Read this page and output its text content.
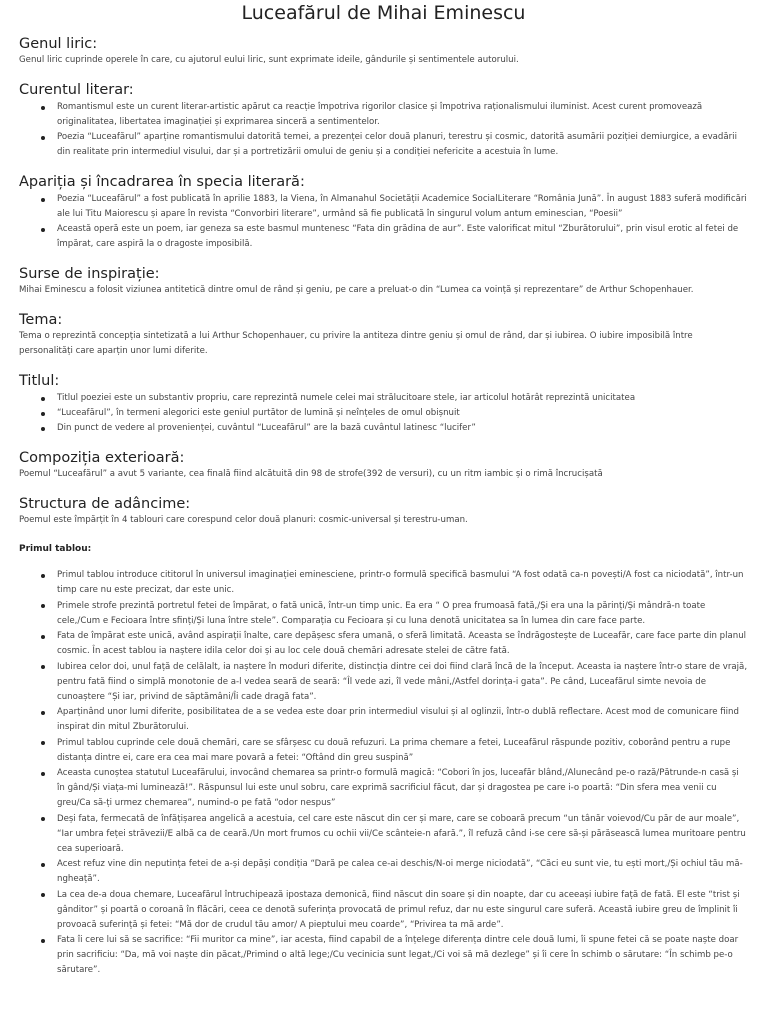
Luceafărul de Mihai Eminescu
Genul liric:

Genul liric cuprinde operele în care, cu ajutorul eului liric, sunt exprimate ideile, gândurile și sentimentele autorului.

Curentul literar:
Romantismul este un curent literar-artistic apărut ca reacție împotriva rigorilor clasice și împotriva raționalismului iluminist. Acest curent promovează originalitatea, libertatea imaginației și exprimarea sinceră a sentimentelor.
Poezia “Luceafărul” aparține romantismului datorită temei, a prezenței celor două planuri, terestru și cosmic, datorită asumării poziției demiurgice, a evadării din realitate prin intermediul visului, dar și a portretizării omului de geniu și a condiției nefericite a acestuia în lume.
Apariția și încadrarea în specia literară:
Poezia “Luceafărul” a fost publicată în aprilie 1883, la Viena, în Almanahul Societății Academice SocialLiterare “România Jună”. În august 1883 suferă modificări ale lui Titu Maiorescu și apare în revista “Convorbiri literare”, urmând să fie publicată în singurul volum antum eminescian, “Poesii”
Această operă este un poem, iar geneza sa este basmul muntenesc “Fata din grădina de aur”. Este valorificat mitul “Zburătorului”, prin visul erotic al fetei de împărat, care aspiră la o dragoste imposibilă.
Surse de inspirație:

Mihai Eminescu a folosit viziunea antitetică dintre omul de rând și geniu, pe care a preluat-o din “Lumea ca voință și reprezentare” de Arthur Schopenhauer.

Tema:

Tema o reprezintă concepția sintetizată a lui Arthur Schopenhauer, cu privire la antiteza dintre geniu și omul de rând, dar și iubirea. O iubire imposibilă între personalități care aparțin unor lumi diferite.

Titlul:
Titlul poeziei este un substantiv propriu, care reprezintă numele celei mai strălucitoare stele, iar articolul hotărât reprezintă unicitatea
“Luceafărul”, în termeni alegorici este geniul purtător de lumină și neînțeles de omul obișnuit
Din punct de vedere al provenienței, cuvântul “Luceafărul” are la bază cuvântul latinesc “lucifer”
Compoziția exterioară:

Poemul “Luceafărul” a avut 5 variante, cea finală fiind alcătuită din 98 de strofe(392 de versuri), cu un ritm iambic și o rimă încrucișată

Structura de adâncime:

Poemul este împărțit în 4 tablouri care corespund celor două planuri: cosmic-universal și terestru-uman.

Primul tablou:
Primul tablou introduce cititorul în universul imaginației eminesciene, printr-o formulă specifică basmului “A fost odată ca-n povești/A fost ca niciodată”, într-un timp care nu este precizat, dar este unic.
Primele strofe prezintă portretul fetei de împărat, o fată unică, într-un timp unic. Ea era “ O prea frumoasă fată,/Și era una la părinți/Și mândră-n toate cele,/Cum e Fecioara între sfinți/Și luna între stele”. Comparația cu Fecioara și cu luna denotă unicitatea sa în lumea din care face parte.
Fata de împărat este unică, având aspirații înalte, care depășesc sfera umană, o sferă limitată. Aceasta se îndrăgostește de Luceafăr, care face parte din planul cosmic. În acest tablou ia naștere idila celor doi și au loc cele două chemări adresate stelei de către fată.
Iubirea celor doi, unul față de celălalt, ia naștere în moduri diferite, distincția dintre cei doi fiind clară încă de la început. Aceasta ia naștere într-o stare de vrajă, pentru fată fiind o simplă monotonie de a-l vedea seară de seară: “Îl vede azi, îl vede mâni,/Astfel dorința-i gata”. Pe când, Luceafărul simte nevoia de cunoaștere “Și iar, privind de săptămâni/Îi cade dragă fata”.
Aparținând unor lumi diferite, posibilitatea de a se vedea este doar prin intermediul visului și al oglinzii, într-o dublă reflectare. Acest mod de comunicare fiind inspirat din mitul Zburătorului.
Primul tablou cuprinde cele două chemări, care se sfârșesc cu două refuzuri. La prima chemare a fetei, Luceafărul răspunde pozitiv, coborând pentru a rupe distanța dintre ei, care era cea mai mare povară a fetei: “Oftând din greu suspină”
Aceasta cunoștea statutul Luceafărului, invocând chemarea sa printr-o formulă magică: “Cobori în jos, luceafăr blând,/Alunecând pe-o rază/Pătrunde-n casă și în gând/Și viața-mi luminează!”. Răspunsul lui este unul sobru, care exprimă sacrificiul făcut, dar și dragostea pe care i-o poartă: “Din sfera mea venii cu greu/Ca să-ți urmez chemarea”, numind-o pe fată “odor nespus”
Deși fata, fermecată de înfățișarea angelică a acestuia, cel care este născut din cer și mare, care se coboară precum “un tânăr voievod/Cu păr de aur moale”, “Iar umbra feței străvezii/E albă ca de ceară./Un mort frumos cu ochii vii/Ce scânteie-n afară.”, îl refuză când i-se cere să-și părăsească lumea muritoare pentru cea superioară.
Acest refuz vine din neputința fetei de a-și depăși condiția “Dară pe calea ce-ai deschis/N-oi merge niciodată”, “Căci eu sunt vie, tu ești mort,/Și ochiul tău mă-ngheață”.
La cea de-a doua chemare, Luceafărul întruchipează ipostaza demonică, fiind născut din soare și din noapte, dar cu aceeași iubire față de fată. El este “trist și gânditor” și poartă o coroană în flăcări, ceea ce denotă suferința provocată de primul refuz, dar nu este singurul care suferă. Această iubire greu de împlinit îi provoacă suferință și fetei: “Mă dor de crudul tău amor/ A pieptului meu coarde”, “Privirea ta mă arde”.
Fata îi cere lui să se sacrifice: “Fii muritor ca mine”, iar acesta, fiind capabil de a înțelege diferența dintre cele două lumi, îi spune fetei că se poate naște doar prin sacrificiu: “Da, mă voi naște din păcat,/Primind o altă lege;/Cu vecinicia sunt legat,/Ci voi să mă dezlege” și îi cere în schimb o sărutare: “În schimb pe-o sărutare”.
